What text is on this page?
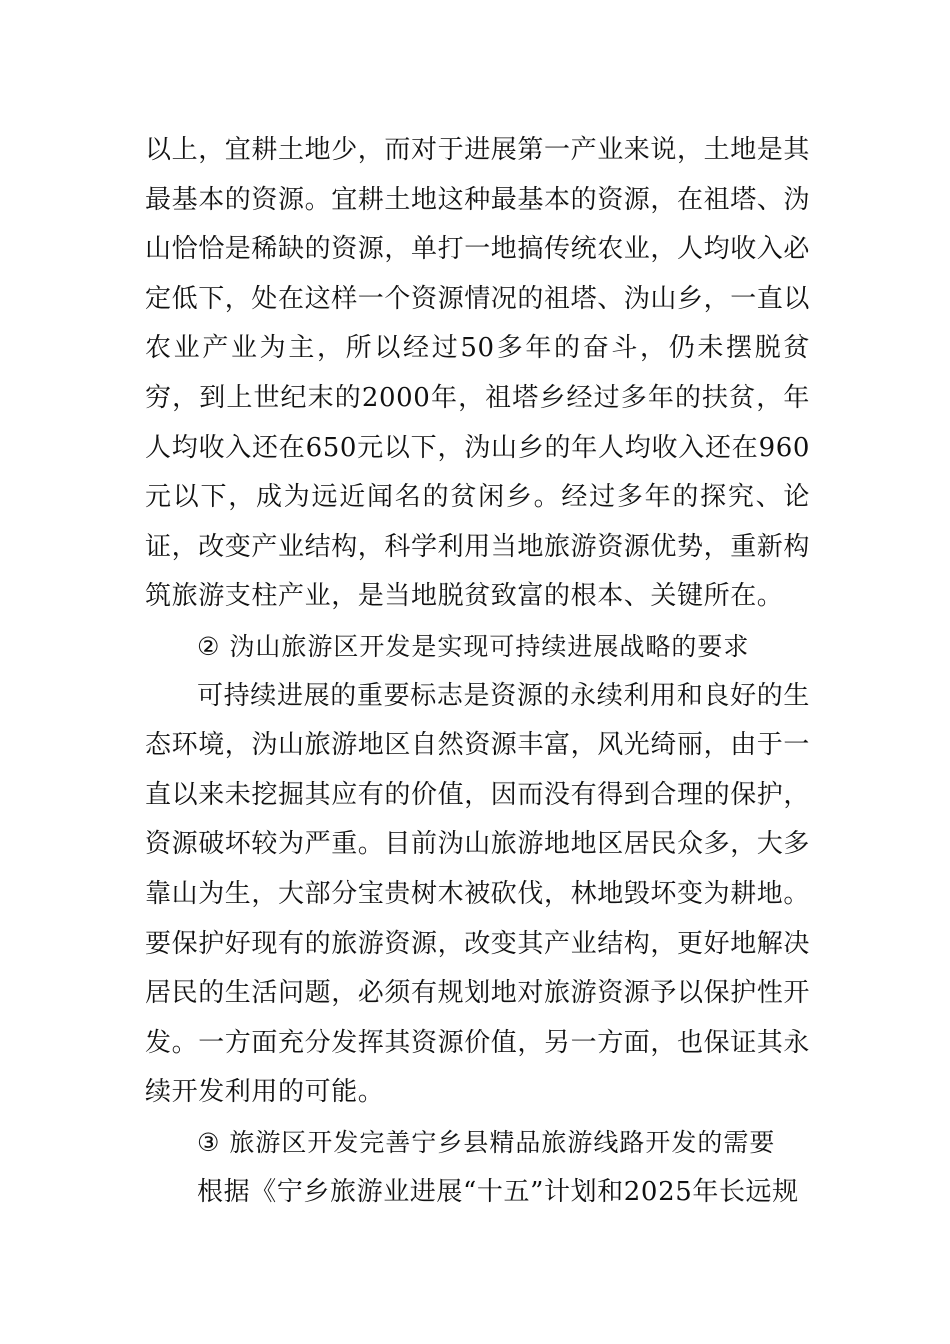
以上，宜耕土地少，而对于进展第一产业来说，土地是其最基本的资源。宜耕土地这种最基本的资源，在祖塔、沩山恰恰是稀缺的资源，单打一地搞传统农业，人均收入必定低下，处在这样一个资源情况的祖塔、沩山乡，一直以农业产业为主，所以经过50多年的奋斗，仍未摆脱贫穷，到上世纪末的2000年，祖塔乡经过多年的扶贫，年人均收入还在650元以下，沩山乡的年人均收入还在960元以下，成为远近闻名的贫闲乡。经过多年的探究、论证，改变产业结构，科学利用当地旅游资源优势，重新构筑旅游支柱产业，是当地脱贫致富的根本、关键所在。

② 沩山旅游区开发是实现可持续进展战略的要求

可持续进展的重要标志是资源的永续利用和良好的生态环境，沩山旅游地区自然资源丰富，风光绮丽，由于一直以来未挖掘其应有的价值，因而没有得到合理的保护，资源破坏较为严重。目前沩山旅游地地区居民众多，大多靠山为生，大部分宝贵树木被砍伐，林地毁坏变为耕地。要保护好现有的旅游资源，改变其产业结构，更好地解决居民的生活问题，必须有规划地对旅游资源予以保护性开发。一方面充分发挥其资源价值，另一方面，也保证其永续开发利用的可能。

③ 旅游区开发完善宁乡县精品旅游线路开发的需要

根据《宁乡旅游业进展“十五”计划和2025年长远规
